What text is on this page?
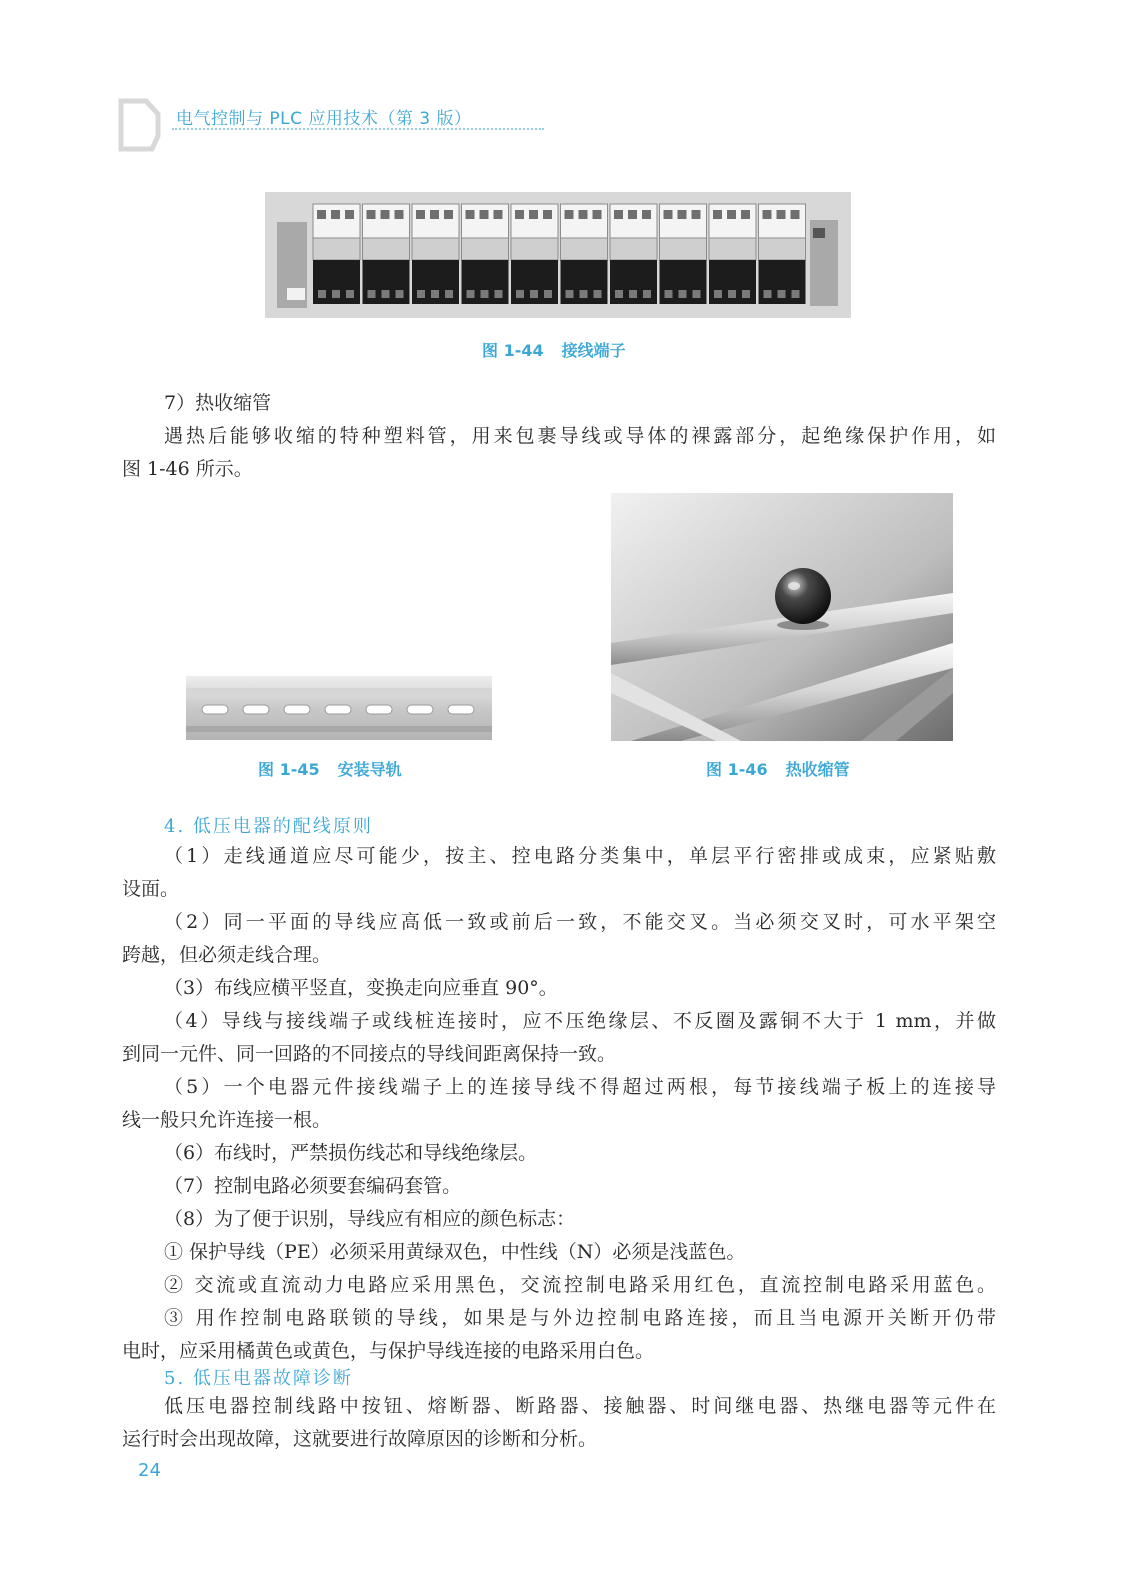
电气控制与 PLC 应用技术（第 3 版）
图 1-44 接线端子
7）热收缩管
遇热后能够收缩的特种塑料管，用来包裹导线或导体的裸露部分，起绝缘保护作用，如
图 1-46 所示。
图 1-45 安装导轨	图 1-46 热收缩管
4. 低压电器的配线原则
（1）走线通道应尽可能少，按主、控电路分类集中，单层平行密排或成束，应紧贴敷
设面。
（2）同一平面的导线应高低一致或前后一致，不能交叉。当必须交叉时，可水平架空
跨越，但必须走线合理。
（3）布线应横平竖直，变换走向应垂直 90°。
（4）导线与接线端子或线桩连接时，应不压绝缘层、不反圈及露铜不大于 1 mm，并做
到同一元件、同一回路的不同接点的导线间距离保持一致。
（5）一个电器元件接线端子上的连接导线不得超过两根，每节接线端子板上的连接导
线一般只允许连接一根。
（6）布线时，严禁损伤线芯和导线绝缘层。
（7）控制电路必须要套编码套管。
（8）为了便于识别，导线应有相应的颜色标志：
① 保护导线（PE）必须采用黄绿双色，中性线（N）必须是浅蓝色。
② 交流或直流动力电路应采用黑色，交流控制电路采用红色，直流控制电路采用蓝色。
③ 用作控制电路联锁的导线，如果是与外边控制电路连接，而且当电源开关断开仍带
电时，应采用橘黄色或黄色，与保护导线连接的电路采用白色。
5. 低压电器故障诊断
低压电器控制线路中按钮、熔断器、断路器、接触器、时间继电器、热继电器等元件在
运行时会出现故障，这就要进行故障原因的诊断和分析。
24
